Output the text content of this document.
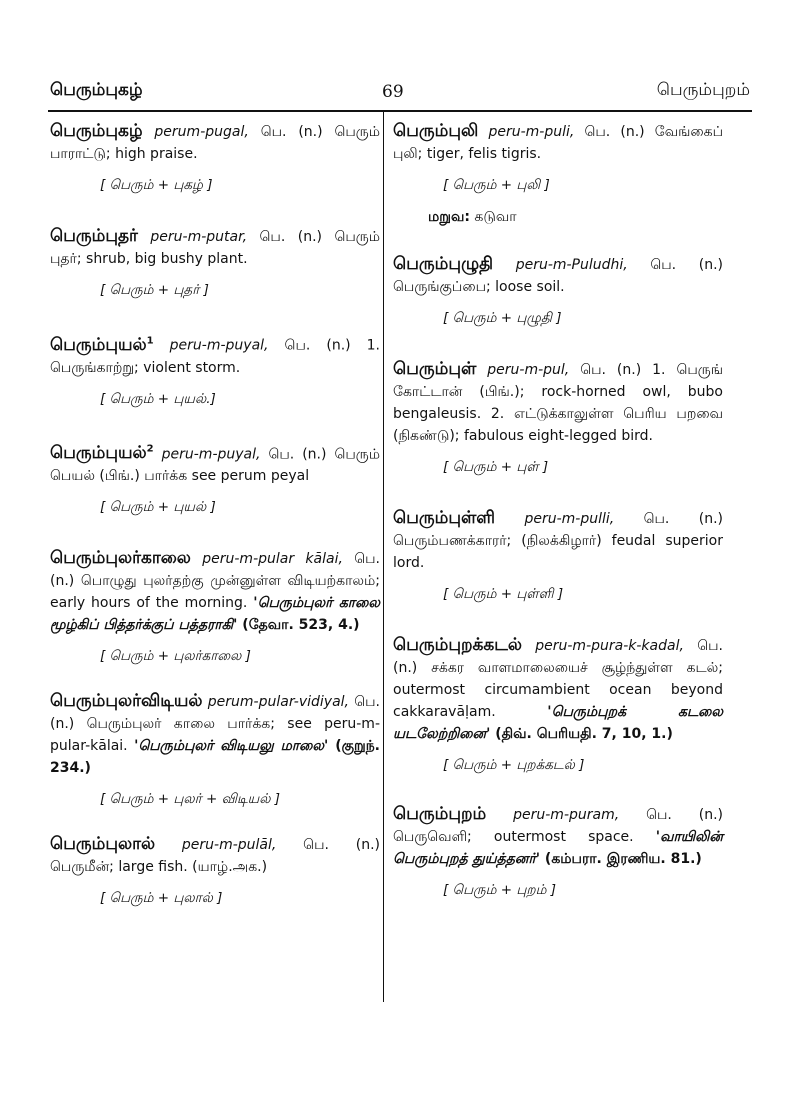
பெரும்புகழ்	69	பெரும்புறம்
பெரும்புகழ் perum-pugal, பெ. (n.) பெரும் பாராட்டு; high praise.
[ பெரும் + புகழ் ]
பெரும்புதர் peru-m-putar, பெ. (n.) பெரும் புதர்; shrub, big bushy plant.
[ பெரும் + புதர் ]
பெரும்புயல்$^1$ peru-m-puyal, பெ. (n.) 1. பெருங்காற்று; violent storm.
[ பெரும் + புயல்.]
பெரும்புயல்$^2$ peru-m-puyal, பெ. (n.) பெரும் பெயல் (பிங்.) பார்க்க see perum peyal
[ பெரும் + புயல் ]
பெரும்புலர்காலை peru-m-pular kālai, பெ. (n.) பொழுது புலர்தற்கு முன்னுள்ள விடியற்காலம்; early hours of the morning. 'பெரும்புலர் காலை மூழ்கிப் பித்தர்க்குப் பத்தராகி' (தேவா. 523, 4.)
[ பெரும் + புலர்காலை ]
பெரும்புலர்விடியல் perum-pular-vidiyal, பெ. (n.) பெரும்புலர் காலை பார்க்க; see peru-m-pular-kālai. 'பெரும்புலர் விடியலு மாலை' (குறுந். 234.)
[ பெரும் + புலர் + விடியல் ]
பெரும்புலால் peru-m-pulāl, பெ. (n.) பெருமீன்; large fish. (யாழ்.அக.)
[ பெரும் + புலால் ]
பெரும்புலி peru-m-puli, பெ. (n.) வேங்கைப் புலி; tiger, felis tigris.
[ பெரும் + புலி ]
மறுவ: கடுவா
பெரும்புழுதி peru-m-Puludhi, பெ. (n.) பெருங்குப்பை; loose soil.
[ பெரும் + புழுதி ]
பெரும்புள் peru-m-pul, பெ. (n.) 1. பெருங் கோட்டான் (பிங்.); rock-horned owl, bubo bengaleusis. 2. எட்டுக்காலுள்ள பெரிய பறவை (நிகண்டு); fabulous eight-legged bird.
[ பெரும் + புள் ]
பெரும்புள்ளி peru-m-pulli, பெ. (n.) பெரும்பணக்காரர்; (நிலக்கிழார்) feudal superior lord.
[ பெரும் + புள்ளி ]
பெரும்புறக்கடல் peru-m-pura-k-kadal, பெ. (n.) சக்கர வாளமாலையைச் சூழ்ந்துள்ள கடல்; outermost circumambient ocean beyond cakkaravāḷam.	'பெரும்புறக் கடலை யடலேற்றினை' (திவ். பெரியதி. 7, 10, 1.)
[ பெரும் + புறக்கடல் ]
பெரும்புறம் peru-m-puram, பெ. (n.) பெருவெளி; outermost space. 'வாயிலின் பெரும்புறத் துய்த்தனர்' (கம்பரா. இரணிய. 81.)
[ பெரும் + புறம் ]
